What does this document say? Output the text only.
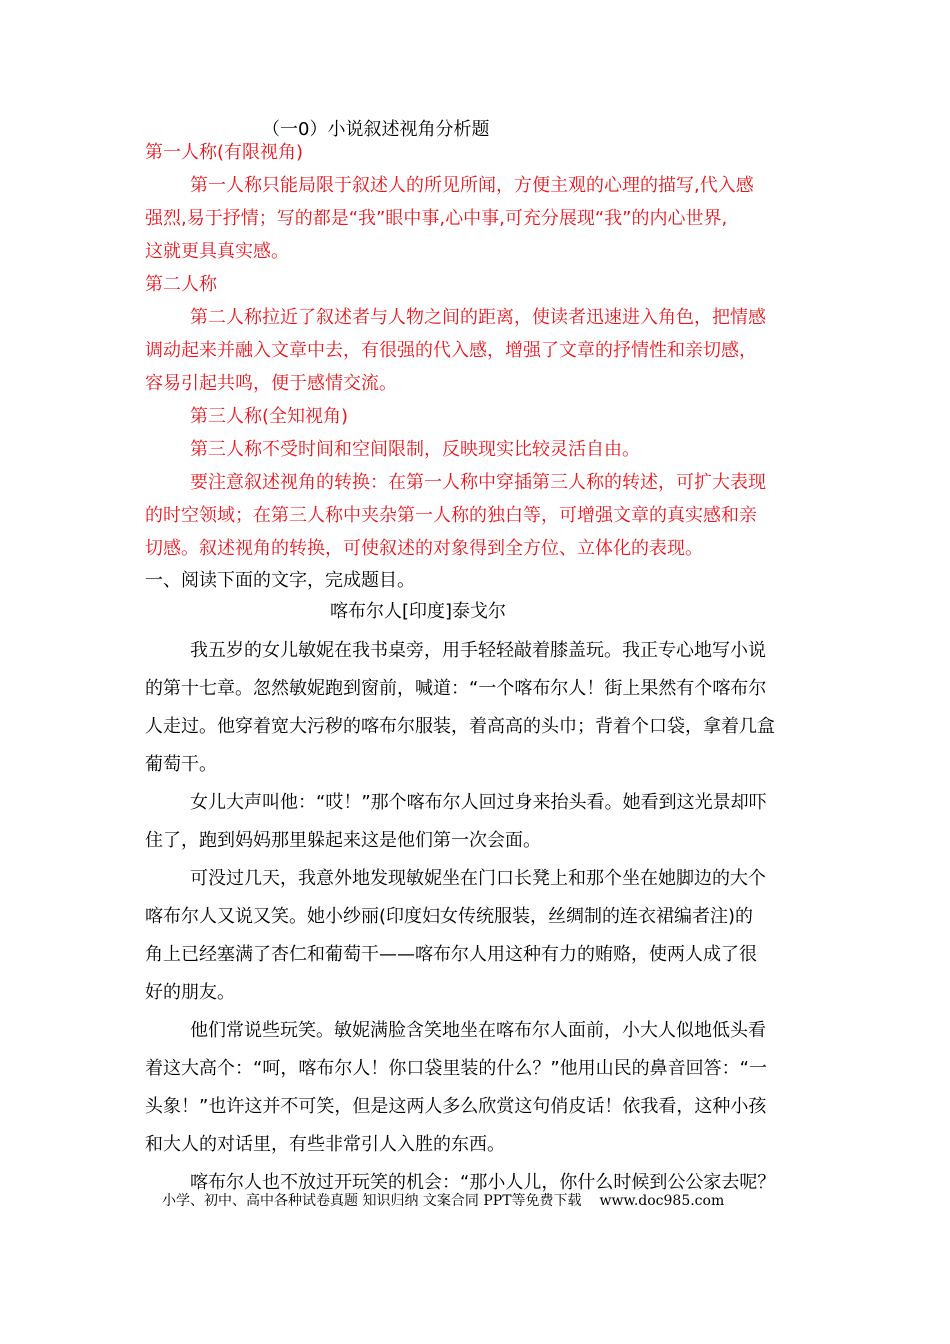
（一0）小说叙述视角分析题
第一人称(有限视角)
第一人称只能局限于叙述人的所见所闻，方便主观的心理的描写,代入感
强烈,易于抒情；写的都是“我”眼中事,心中事,可充分展现“我”的内心世界,
这就更具真实感。
第二人称
第二人称拉近了叙述者与人物之间的距离，使读者迅速进入角色，把情感
调动起来并融入文章中去，有很强的代入感，增强了文章的抒情性和亲切感，
容易引起共鸣，便于感情交流。
第三人称(全知视角)
第三人称不受时间和空间限制，反映现实比较灵活自由。
要注意叙述视角的转换：在第一人称中穿插第三人称的转述，可扩大表现
的时空领域；在第三人称中夹杂第一人称的独白等，可增强文章的真实感和亲
切感。叙述视角的转换，可使叙述的对象得到全方位、立体化的表现。
一、阅读下面的文字，完成题目。
喀布尔人[印度]泰戈尔
我五岁的女儿敏妮在我书桌旁，用手轻轻敲着膝盖玩。我正专心地写小说
的第十七章。忽然敏妮跑到窗前，喊道：“一个喀布尔人！街上果然有个喀布尔
人走过。他穿着宽大污秽的喀布尔服装，着高高的头巾；背着个口袋，拿着几盒
葡萄干。
女儿大声叫他：“哎！”那个喀布尔人回过身来抬头看。她看到这光景却吓
住了，跑到妈妈那里躲起来这是他们第一次会面。
可没过几天，我意外地发现敏妮坐在门口长凳上和那个坐在她脚边的大个
喀布尔人又说又笑。她小纱丽(印度妇女传统服装，丝绸制的连衣裙编者注)的
角上已经塞满了杏仁和葡萄干——喀布尔人用这种有力的贿赂，使两人成了很
好的朋友。
他们常说些玩笑。敏妮满脸含笑地坐在喀布尔人面前，小大人似地低头看
着这大高个：“呵，喀布尔人！你口袋里装的什么？”他用山民的鼻音回答：“一
头象！”也许这并不可笑，但是这两人多么欣赏这句俏皮话！依我看，这种小孩
和大人的对话里，有些非常引人入胜的东西。
喀布尔人也不放过开玩笑的机会：“那小人儿，你什么时候到公公家去呢？
小学、初中、高中各种试卷真题 知识归纳 文案合同 PPT等免费下载 www.doc985.com
